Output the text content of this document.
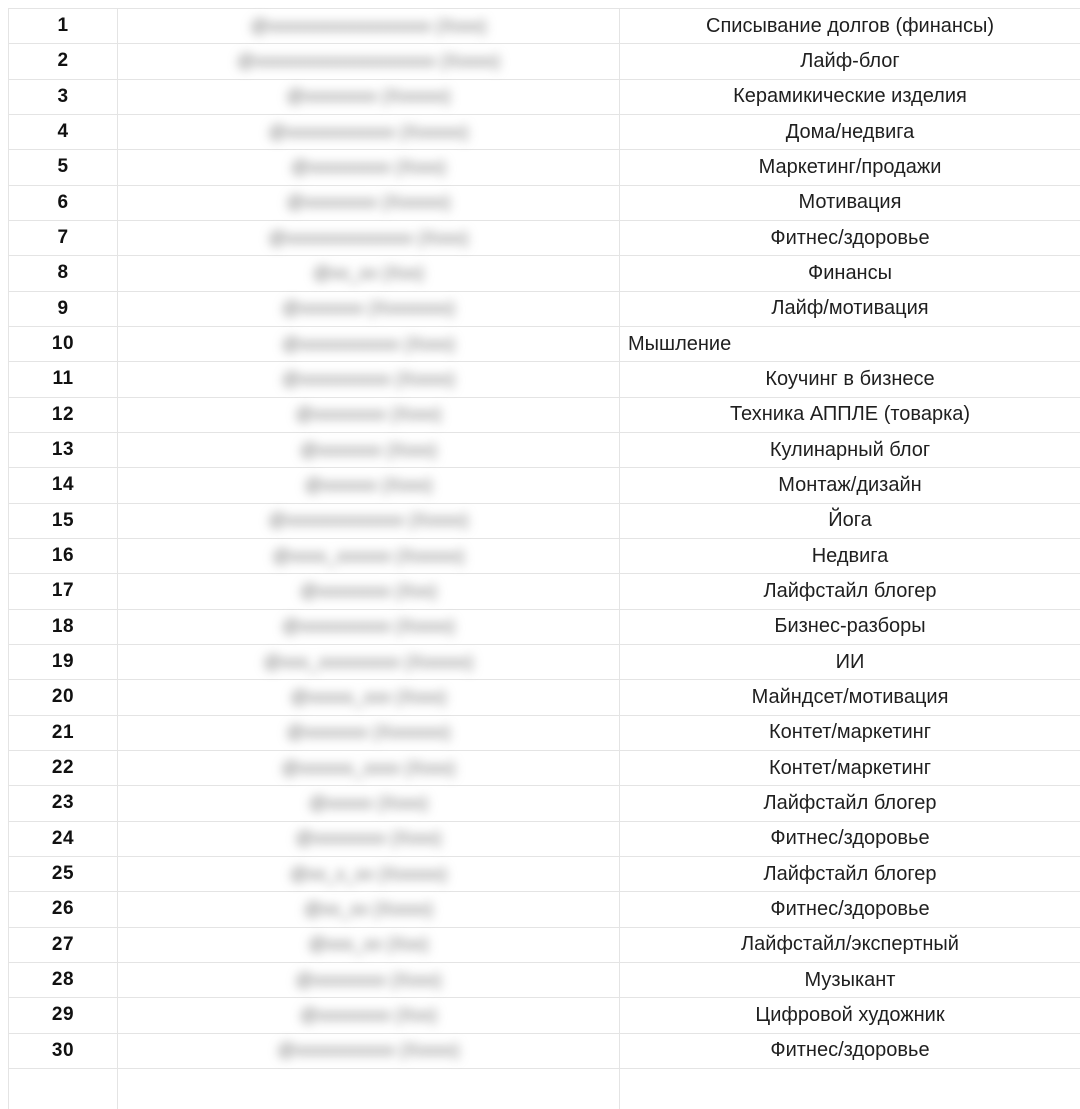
1	@xxxxxxxxxxxxxxxxxx (Xxxx)	Списывание долгов (финансы)
2	@xxxxxxxxxxxxxxxxxxxx (Xxxxx)	Лайф-блог
3	@xxxxxxxx (Xxxxxx)	Керамикические изделия
4	@xxxxxxxxxxxx (Xxxxxx)	Дома/недвига
5	@xxxxxxxxx (Xxxx)	Маркетинг/продажи
6	@xxxxxxxx (Xxxxxx)	Мотивация
7	@xxxxxxxxxxxxxx (Xxxx)	Фитнес/здоровье
8	@xx_xx (Xxx)	Финансы
9	@xxxxxxx (Xxxxxxxx)	Лайф/мотивация
10	@xxxxxxxxxxx (Xxxx)	Мышление
11	@xxxxxxxxxx (Xxxxx)	Коучинг в бизнесе
12	@xxxxxxxx (Xxxx)	Техника АППЛЕ (товарка)
13	@xxxxxxx (Xxxx)	Кулинарный блог
14	@xxxxxx (Xxxx)	Монтаж/дизайн
15	@xxxxxxxxxxxxx (Xxxxx)	Йога
16	@xxxx_xxxxxx (Xxxxxx)	Недвига
17	@xxxxxxxx (Xxx)	Лайфстайл блогер
18	@xxxxxxxxxx (Xxxxx)	Бизнес-разборы
19	@xxx_xxxxxxxxx (Xxxxxx)	ИИ
20	@xxxxx_xxx (Xxxx)	Майндсет/мотивация
21	@xxxxxxx (Xxxxxxx)	Контет/маркетинг
22	@xxxxxx_xxxx (Xxxx)	Контет/маркетинг
23	@xxxxx (Xxxx)	Лайфстайл блогер
24	@xxxxxxxx (Xxxx)	Фитнес/здоровье
25	@xx_x_xx (Xxxxxx)	Лайфстайл блогер
26	@xx_xx (Xxxxx)	Фитнес/здоровье
27	@xxx_xx (Xxx)	Лайфстайл/экспертный
28	@xxxxxxxx (Xxxx)	Музыкант
29	@xxxxxxxx (Xxx)	Цифровой художник
30	@xxxxxxxxxxx (Xxxxx)	Фитнес/здоровье
